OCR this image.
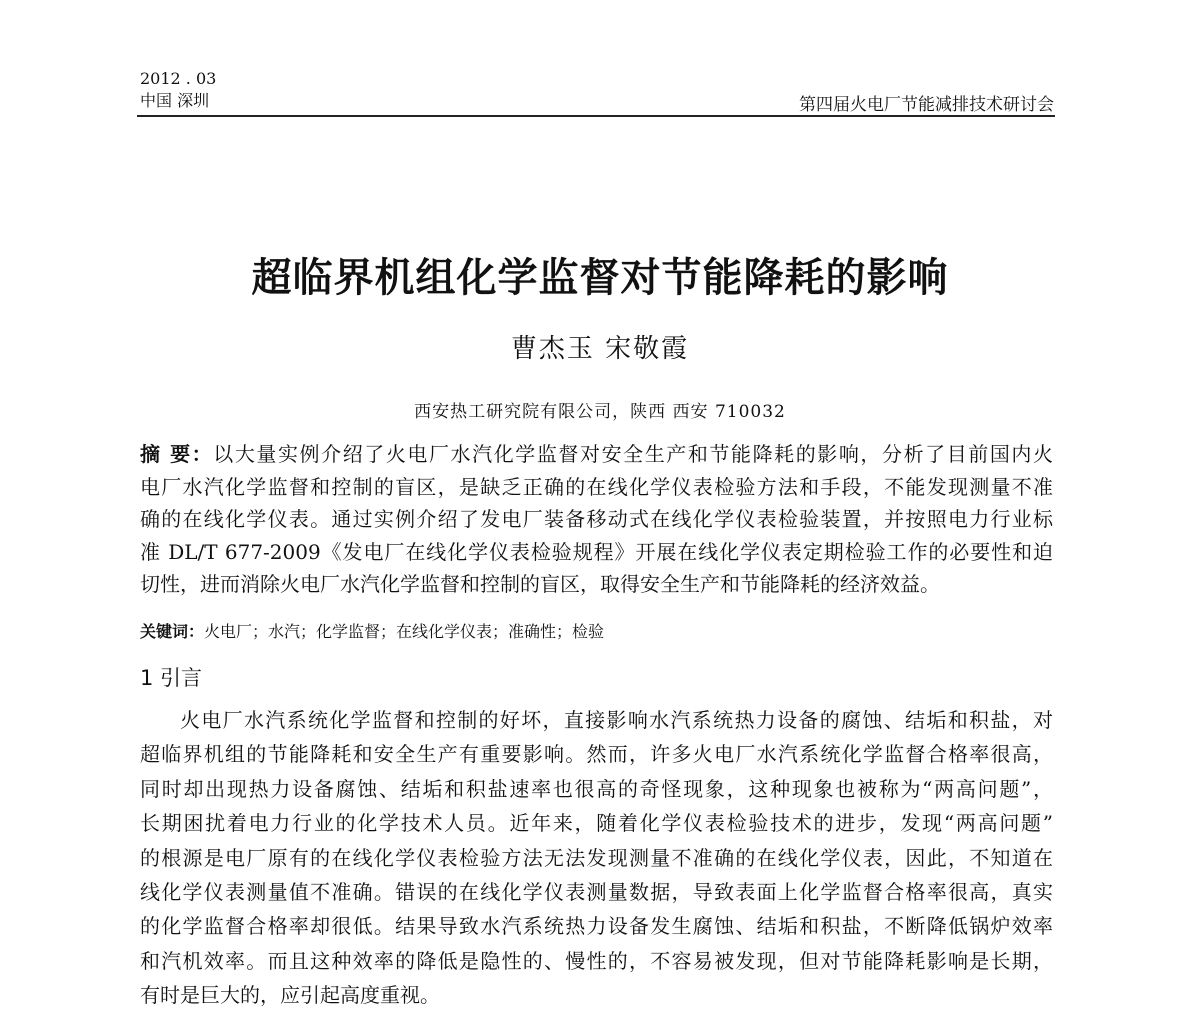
2012 . 03
中国 深圳	第四届火电厂节能减排技术研讨会
超临界机组化学监督对节能降耗的影响
曹杰玉 宋敬霞
西安热工研究院有限公司，陕西 西安 710032
摘 要：以大量实例介绍了火电厂水汽化学监督对安全生产和节能降耗的影响，分析了目前国内火
电厂水汽化学监督和控制的盲区，是缺乏正确的在线化学仪表检验方法和手段，不能发现测量不准
确的在线化学仪表。通过实例介绍了发电厂装备移动式在线化学仪表检验装置，并按照电力行业标
准 DL/T 677-2009《发电厂在线化学仪表检验规程》开展在线化学仪表定期检验工作的必要性和迫
切性，进而消除火电厂水汽化学监督和控制的盲区，取得安全生产和节能降耗的经济效益。
关键词：火电厂；水汽；化学监督；在线化学仪表；准确性；检验
1 引言
火电厂水汽系统化学监督和控制的好坏，直接影响水汽系统热力设备的腐蚀、结垢和积盐，对
超临界机组的节能降耗和安全生产有重要影响。然而，许多火电厂水汽系统化学监督合格率很高，
同时却出现热力设备腐蚀、结垢和积盐速率也很高的奇怪现象，这种现象也被称为“两高问题”，
长期困扰着电力行业的化学技术人员。近年来，随着化学仪表检验技术的进步，发现“两高问题”
的根源是电厂原有的在线化学仪表检验方法无法发现测量不准确的在线化学仪表，因此，不知道在
线化学仪表测量值不准确。错误的在线化学仪表测量数据，导致表面上化学监督合格率很高，真实
的化学监督合格率却很低。结果导致水汽系统热力设备发生腐蚀、结垢和积盐，不断降低锅炉效率
和汽机效率。而且这种效率的降低是隐性的、慢性的，不容易被发现，但对节能降耗影响是长期，
有时是巨大的，应引起高度重视。
